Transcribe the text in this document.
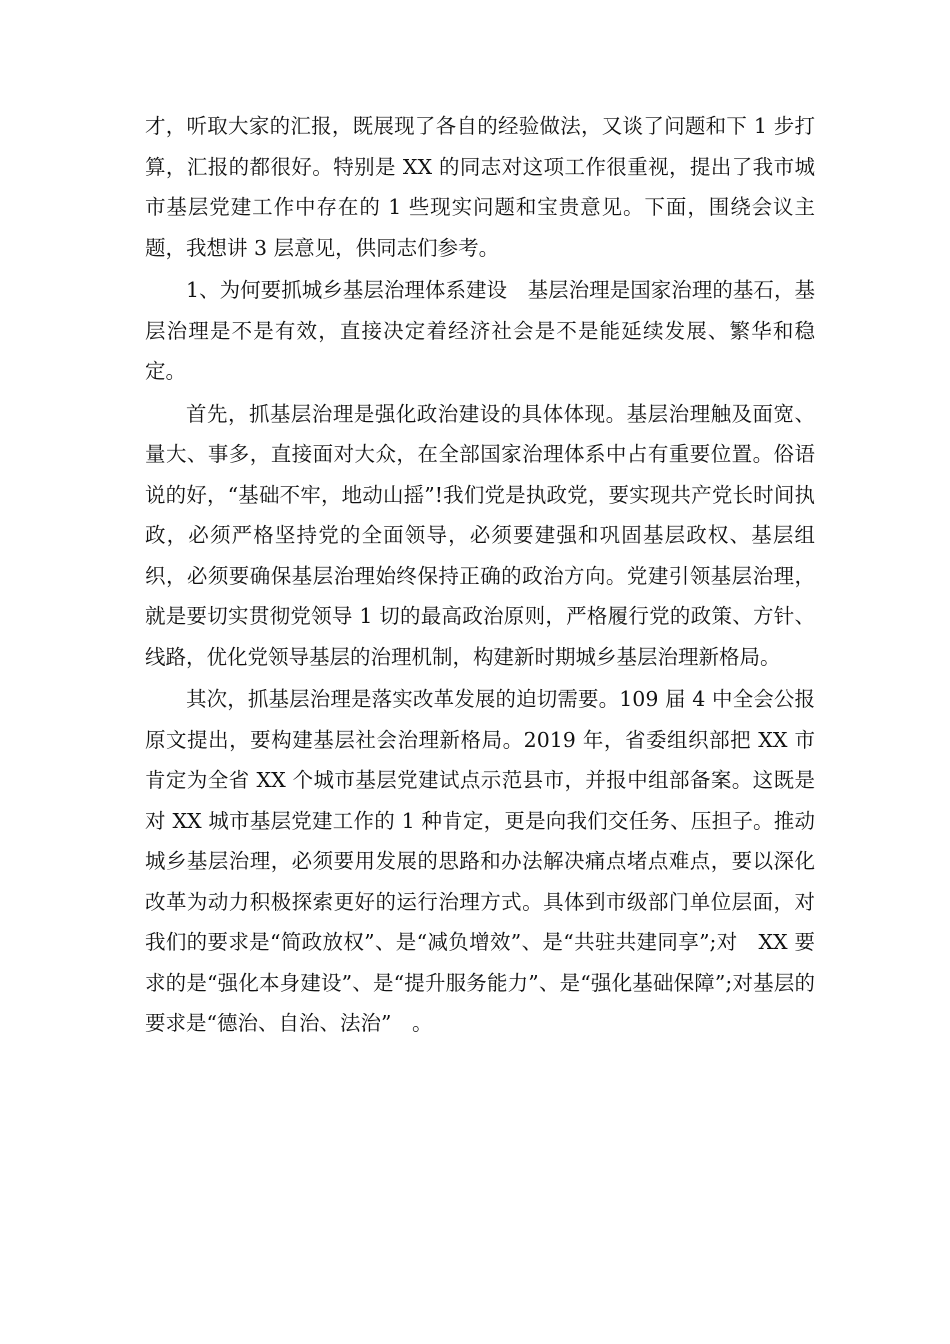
才，听取大家的汇报，既展现了各自的经验做法，又谈了问题和下 1 步打算，汇报的都很好。特别是 XX 的同志对这项工作很重视，提出了我市城市基层党建工作中存在的 1 些现实问题和宝贵意见。下面，围绕会议主题，我想讲 3 层意见，供同志们参考。

1、为何要抓城乡基层治理体系建设　基层治理是国家治理的基石，基层治理是不是有效，直接决定着经济社会是不是能延续发展、繁华和稳定。

首先，抓基层治理是强化政治建设的具体体现。基层治理触及面宽、量大、事多，直接面对大众，在全部国家治理体系中占有重要位置。俗语说的好，“基础不牢，地动山摇”!我们党是执政党，要实现共产党长时间执政，必须严格坚持党的全面领导，必须要建强和巩固基层政权、基层组织，必须要确保基层治理始终保持正确的政治方向。党建引领基层治理，就是要切实贯彻党领导 1 切的最高政治原则，严格履行党的政策、方针、线路，优化党领导基层的治理机制，构建新时期城乡基层治理新格局。

其次，抓基层治理是落实改革发展的迫切需要。109 届 4 中全会公报原文提出，要构建基层社会治理新格局。2019 年，省委组织部把 XX 市肯定为全省 XX 个城市基层党建试点示范县市，并报中组部备案。这既是对 XX 城市基层党建工作的 1 种肯定，更是向我们交任务、压担子。推动城乡基层治理，必须要用发展的思路和办法解决痛点堵点难点，要以深化改革为动力积极探索更好的运行治理方式。具体到市级部门单位层面，对我们的要求是“简政放权”、是“减负增效”、是“共驻共建同享”;对　XX 要求的是“强化本身建设”、是“提升服务能力”、是“强化基础保障”;对基层的要求是“德治、自治、法治”　。
